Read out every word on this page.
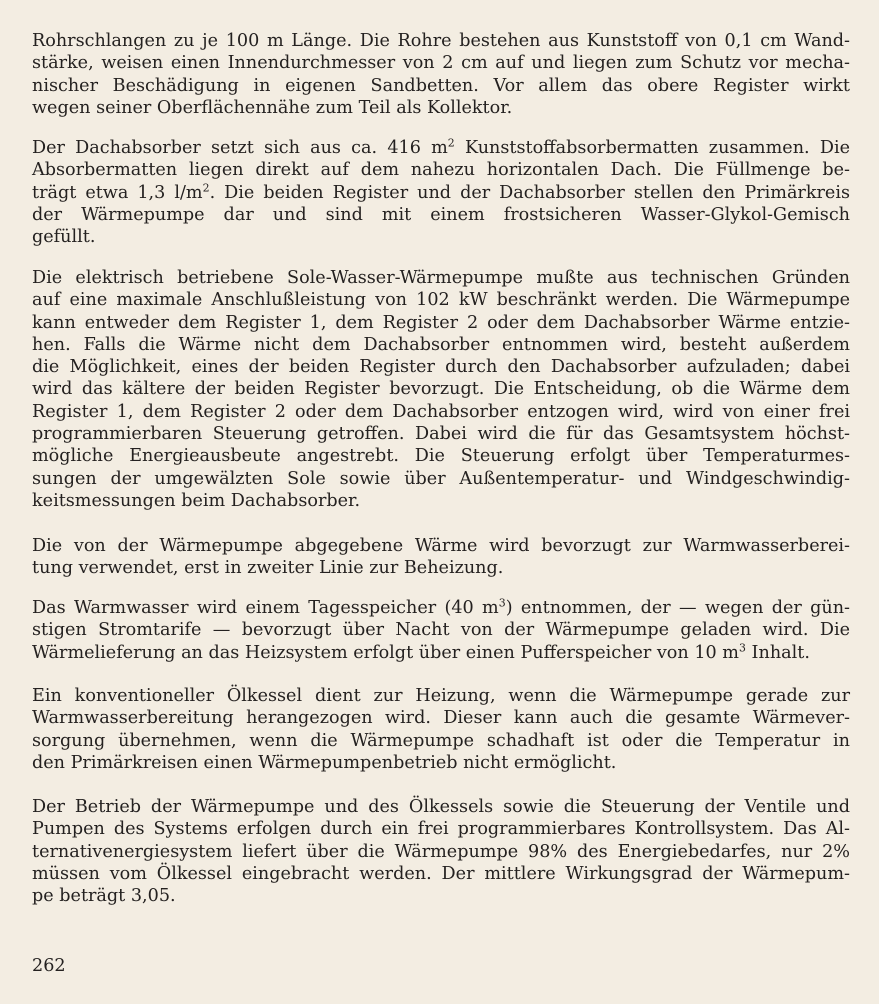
Rohrschlangen zu je 100 m Länge. Die Rohre bestehen aus Kunststoff von 0,1 cm Wand-
stärke, weisen einen Innendurchmesser von 2 cm auf und liegen zum Schutz vor mecha-
nischer Beschädigung in eigenen Sandbetten. Vor allem das obere Register wirkt
wegen seiner Oberflächennähe zum Teil als Kollektor.

Der Dachabsorber setzt sich aus ca. 416 $m^2$ Kunststoffabsorbermatten zusammen. Die
Absorbermatten liegen direkt auf dem nahezu horizontalen Dach. Die Füllmenge be-
trägt etwa 1,3 $l/m^2$. Die beiden Register und der Dachabsorber stellen den Primärkreis
der Wärmepumpe dar und sind mit einem frostsicheren Wasser-Glykol-Gemisch
gefüllt.

Die elektrisch betriebene Sole-Wasser-Wärmepumpe mußte aus technischen Gründen
auf eine maximale Anschlußleistung von 102 kW beschränkt werden. Die Wärmepumpe
kann entweder dem Register 1, dem Register 2 oder dem Dachabsorber Wärme entzie-
hen. Falls die Wärme nicht dem Dachabsorber entnommen wird, besteht außerdem
die Möglichkeit, eines der beiden Register durch den Dachabsorber aufzuladen; dabei
wird das kältere der beiden Register bevorzugt. Die Entscheidung, ob die Wärme dem
Register 1, dem Register 2 oder dem Dachabsorber entzogen wird, wird von einer frei
programmierbaren Steuerung getroffen. Dabei wird die für das Gesamtsystem höchst-
mögliche Energieausbeute angestrebt. Die Steuerung erfolgt über Temperaturmes-
sungen der umgewälzten Sole sowie über Außentemperatur- und Windgeschwindig-
keitsmessungen beim Dachabsorber.

Die von der Wärmepumpe abgegebene Wärme wird bevorzugt zur Warmwasserberei-
tung verwendet, erst in zweiter Linie zur Beheizung.

Das Warmwasser wird einem Tagesspeicher (40 $m^3$) entnommen, der — wegen der gün-
stigen Stromtarife — bevorzugt über Nacht von der Wärmepumpe geladen wird. Die
Wärmelieferung an das Heizsystem erfolgt über einen Pufferspeicher von 10 $m^3$ Inhalt.

Ein konventioneller Ölkessel dient zur Heizung, wenn die Wärmepumpe gerade zur
Warmwasserbereitung herangezogen wird. Dieser kann auch die gesamte Wärmever-
sorgung übernehmen, wenn die Wärmepumpe schadhaft ist oder die Temperatur in
den Primärkreisen einen Wärmepumpenbetrieb nicht ermöglicht.

Der Betrieb der Wärmepumpe und des Ölkessels sowie die Steuerung der Ventile und
Pumpen des Systems erfolgen durch ein frei programmierbares Kontrollsystem. Das Al-
ternativenergiesystem liefert über die Wärmepumpe 98% des Energiebedarfes, nur 2%
müssen vom Ölkessel eingebracht werden. Der mittlere Wirkungsgrad der Wärmepum-
pe beträgt 3,05.

262
